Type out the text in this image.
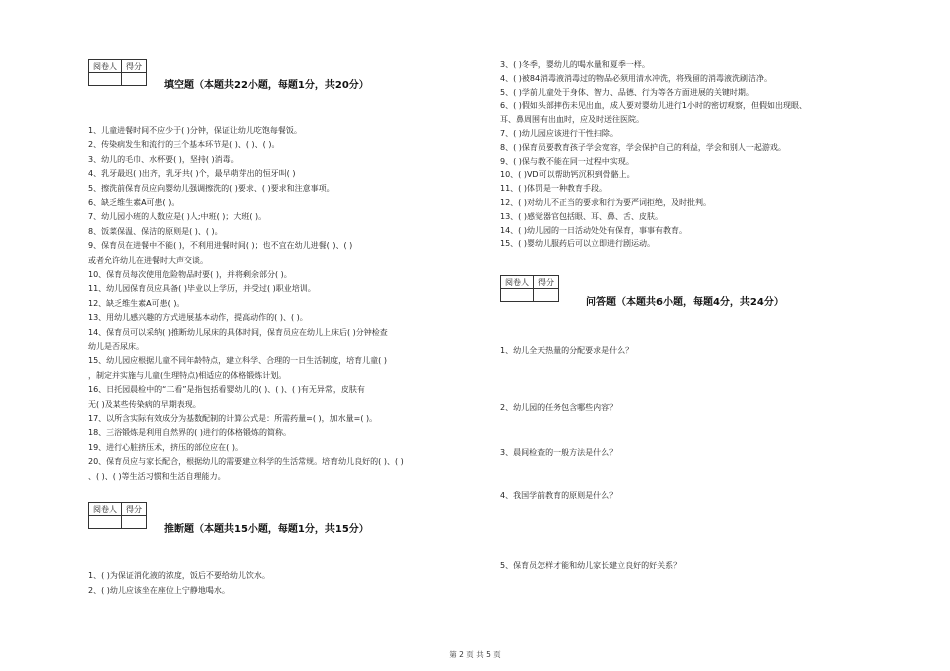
阅卷人	得分

填空题（本题共22小题，每题1分，共20分）
1、儿童进餐时间不应少于( )分钟，保证让幼儿吃饱每餐饭。
2、传染病发生和流行的三个基本环节是( )、( )、( )。
3、幼儿的毛巾、水杯要( )，坚持( )消毒。
4、乳牙最迟( )出齐，乳牙共( )个，最早萌芽出的恒牙叫( )
5、擦洗前保育员应向婴幼儿强调擦洗的( )要求、( )要求和注意事项。
6、缺乏维生素A可患( )。
7、幼儿园小班的人数应是( )人;中班( )；大班( )。
8、饭菜保温、保洁的原则是( )、( )。
9、保育员在进餐中不能( )，不利用进餐时间( )；也不宜在幼儿进餐( )、( )
或者允许幼儿在进餐时大声交谈。
10、保育员每次使用危险物品时要( )，并将剩余部分( )。
11、幼儿园保育员应具备( )毕业以上学历，并受过( )职业培训。
12、缺乏维生素A可患( )。
13、用幼儿感兴趣的方式进展基本动作，提高动作的( )、( )。
14、保育员可以采纳( )推断幼儿尿床的具体时间，保育员应在幼儿上床后( )分钟检查
幼儿是否尿床。
15、幼儿园应根据儿童不同年龄特点，建立科学、合理的一日生活制度，培育儿童( )
，制定并实施与儿童(生理特点)相适应的体格锻炼计划。
16、日托园晨检中的“二看”是指包括看婴幼儿的( )、( )、( )有无异常，皮肤有
无( )及某些传染病的早期表现。
17、以所含实际有效成分为基数配制的计算公式是：所需药量=( )，加水量=( )。
18、三浴锻炼是利用自然界的( )进行的体格锻炼的简称。
19、进行心脏挤压术，挤压的部位应在( )。
20、保育员应与家长配合，根据幼儿的需要建立科学的生活常规。培育幼儿良好的( )、( )
、( )、( )等生活习惯和生活自理能力。
阅卷人	得分

推断题（本题共15小题，每题1分，共15分）
1、( )为保证消化液的浓度，饭后不要给幼儿饮水。
2、( )幼儿应该坐在座位上宁静地喝水。
3、( )冬季，婴幼儿的喝水量和夏季一样。
4、( )被84消毒液消毒过的物品必须用清水冲洗，将残留的消毒液洗刷洁净。
5、( )学前儿童处于身体、智力、品德、行为等各方面进展的关键时期。
6、( )假如头部摔伤未见出血，成人要对婴幼儿进行1小时的密切观察，但假如出现眼、
耳、鼻周围有出血时，应及时送往医院。
7、( )幼儿园应该进行干性扫除。
8、( )保育员要教育孩子学会宽容，学会保护自己的利益，学会和别人一起游戏。
9、( )保与教不能在同一过程中实现。
10、( )VD可以帮助钙沉积到骨骼上。
11、( )体罚是一种教育手段。
12、( )对幼儿不正当的要求和行为要严词拒绝，及时批判。
13、( )感觉器官包括眼、耳、鼻、舌、皮肤。
14、( )幼儿园的一日活动处处有保育，事事有教育。
15、( )婴幼儿服药后可以立即进行剧运动。
阅卷人	得分

问答题（本题共6小题，每题4分，共24分）
1、幼儿全天热量的分配要求是什么？
2、幼儿园的任务包含哪些内容？
3、晨间检查的一般方法是什么？
4、我国学前教育的原则是什么？
5、保育员怎样才能和幼儿家长建立良好的好关系？
第 2 页 共 5 页
